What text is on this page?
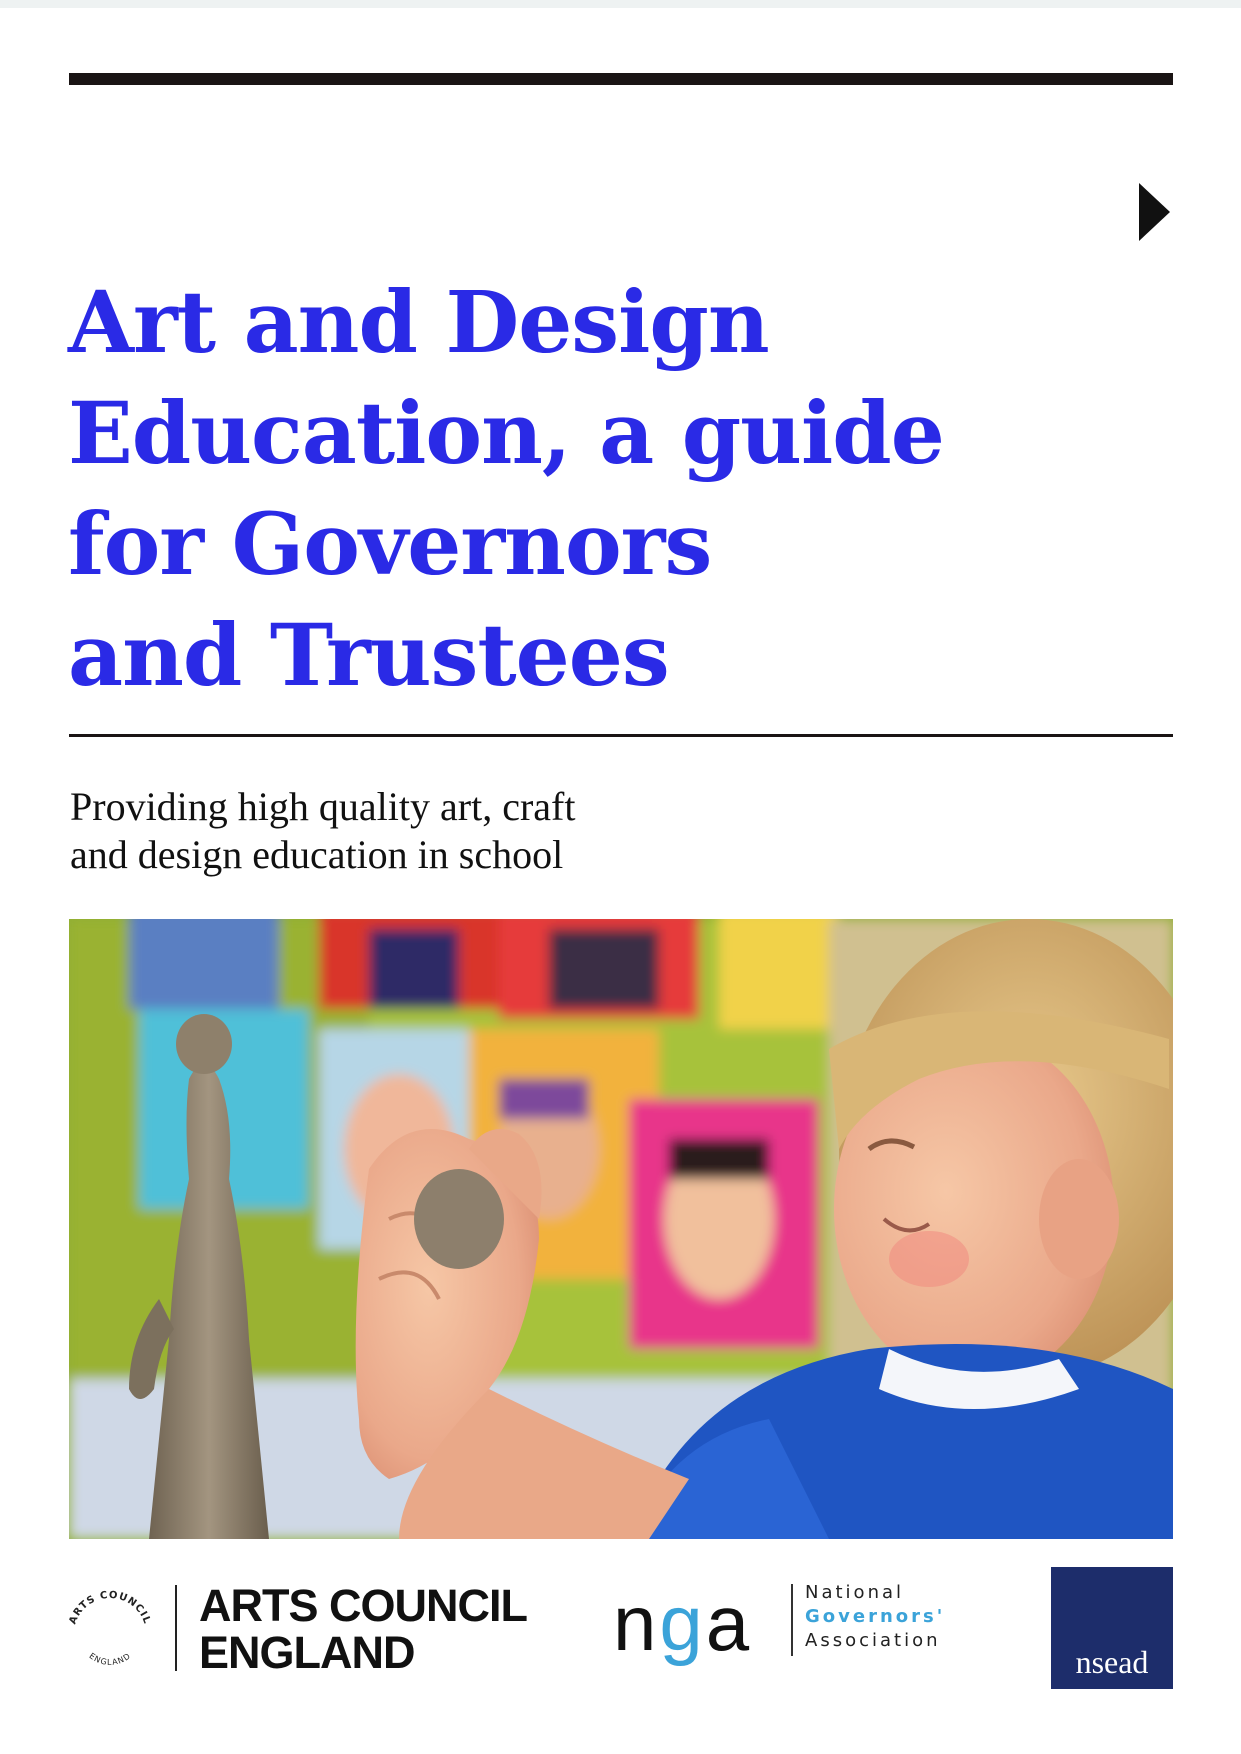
Art and Design
Education, a guide
for Governors
and Trustees

Providing high quality art, craft
and design education in school

ARTS COUNCIL
ENGLAND

ARTS COUNCIL
ENGLAND	nga	National
Governors'
Association

nsead
